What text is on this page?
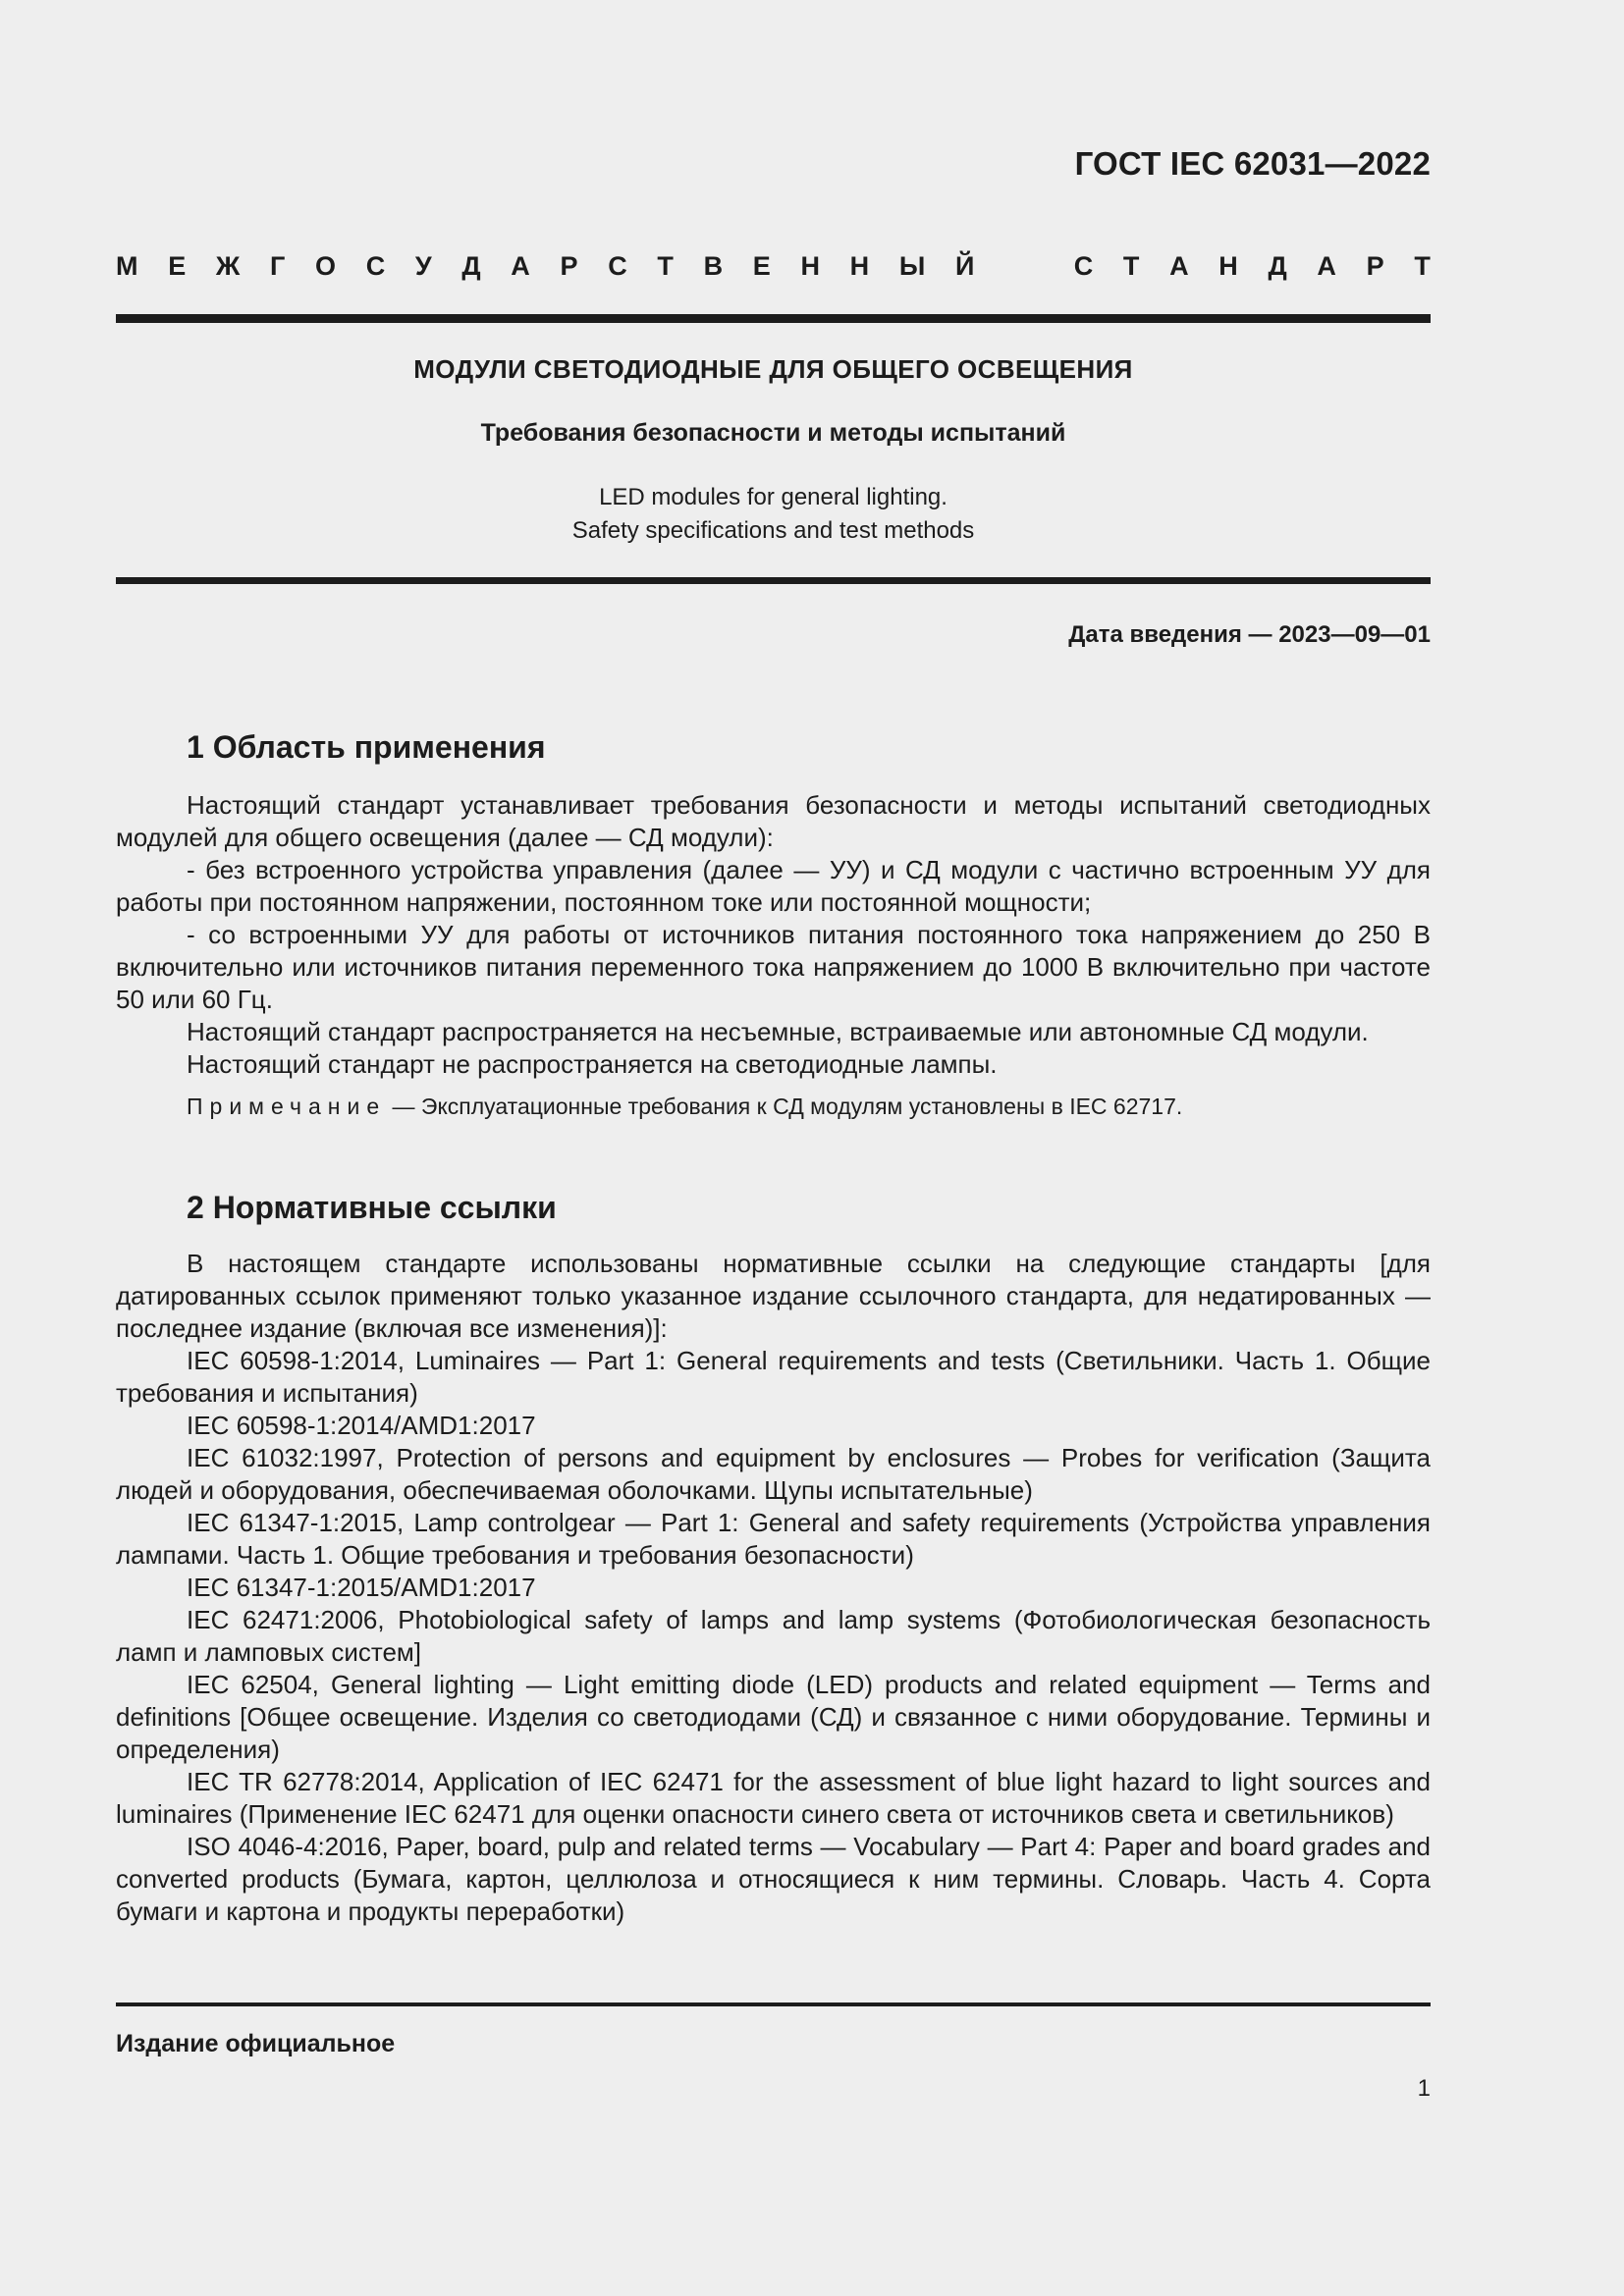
ГОСТ IEC 62031—2022
М Е Ж Г О С У Д А Р С Т В Е Н Н Ы Й	С Т А Н Д А Р Т
МОДУЛИ СВЕТОДИОДНЫЕ ДЛЯ ОБЩЕГО ОСВЕЩЕНИЯ
Требования безопасности и методы испытаний
LED modules for general lighting.
Safety specifications and test methods
Дата введения — 2023—09—01
1 Область применения

Настоящий стандарт устанавливает требования безопасности и методы испытаний светодиодных модулей для общего освещения (далее — СД модули):

- без встроенного устройства управления (далее — УУ) и СД модули с частично встроенным УУ для работы при постоянном напряжении, постоянном токе или постоянной мощности;

- со встроенными УУ для работы от источников питания постоянного тока напряжением до 250 В включительно или источников питания переменного тока напряжением до 1000 В включительно при частоте 50 или 60 Гц.

Настоящий стандарт распространяется на несъемные, встраиваемые или автономные СД модули.

Настоящий стандарт не распространяется на светодиодные лампы.

Примечание — Эксплуатационные требования к СД модулям установлены в IEC 62717.

2 Нормативные ссылки

В настоящем стандарте использованы нормативные ссылки на следующие стандарты [для датированных ссылок применяют только указанное издание ссылочного стандарта, для недатированных — последнее издание (включая все изменения)]:

IEC 60598-1:2014, Luminaires — Part 1: General requirements and tests (Светильники. Часть 1. Общие требования и испытания)

IEC 60598-1:2014/AMD1:2017

IEC 61032:1997, Protection of persons and equipment by enclosures — Probes for verification (Защита людей и оборудования, обеспечиваемая оболочками. Щупы испытательные)

IEC 61347-1:2015, Lamp controlgear — Part 1: General and safety requirements (Устройства управления лампами. Часть 1. Общие требования и требования безопасности)

IEC 61347-1:2015/AMD1:2017

IEC 62471:2006, Photobiological safety of lamps and lamp systems (Фотобиологическая безопасность ламп и ламповых систем]

IEC 62504, General lighting — Light emitting diode (LED) products and related equipment — Terms and definitions [Общее освещение. Изделия со светодиодами (СД) и связанное с ними оборудование. Термины и определения)

IEC TR 62778:2014, Application of IEC 62471 for the assessment of blue light hazard to light sources and luminaires (Применение IEC 62471 для оценки опасности синего света от источников света и светильников)

ISO 4046-4:2016, Paper, board, pulp and related terms — Vocabulary — Part 4: Paper and board grades and converted products (Бумага, картон, целлюлоза и относящиеся к ним термины. Словарь. Часть 4. Сорта бумаги и картона и продукты переработки)

Издание официальное
1
